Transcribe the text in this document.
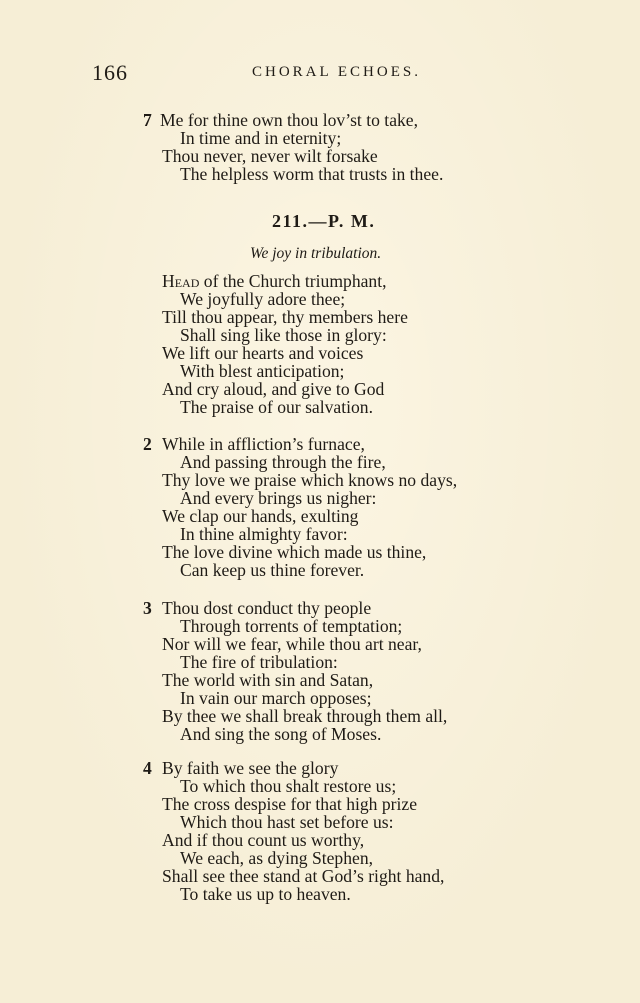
166	CHORAL ECHOES.
7 Me for thine own thou lov’st to take,
In time and in eternity;
Thou never, never wilt forsake
The helpless worm that trusts in thee.
211.—P. M.
We joy in tribulation.
Head of the Church triumphant,
We joyfully adore thee;
Till thou appear, thy members here
Shall sing like those in glory:
We lift our hearts and voices
With blest anticipation;
And cry aloud, and give to God
The praise of our salvation.
2 While in affliction’s furnace,
And passing through the fire,
Thy love we praise which knows no days,
And every brings us nigher:
We clap our hands, exulting
In thine almighty favor:
The love divine which made us thine,
Can keep us thine forever.
3 Thou dost conduct thy people
Through torrents of temptation;
Nor will we fear, while thou art near,
The fire of tribulation:
The world with sin and Satan,
In vain our march opposes;
By thee we shall break through them all,
And sing the song of Moses.
4 By faith we see the glory
To which thou shalt restore us;
The cross despise for that high prize
Which thou hast set before us:
And if thou count us worthy,
We each, as dying Stephen,
Shall see thee stand at God’s right hand,
To take us up to heaven.
